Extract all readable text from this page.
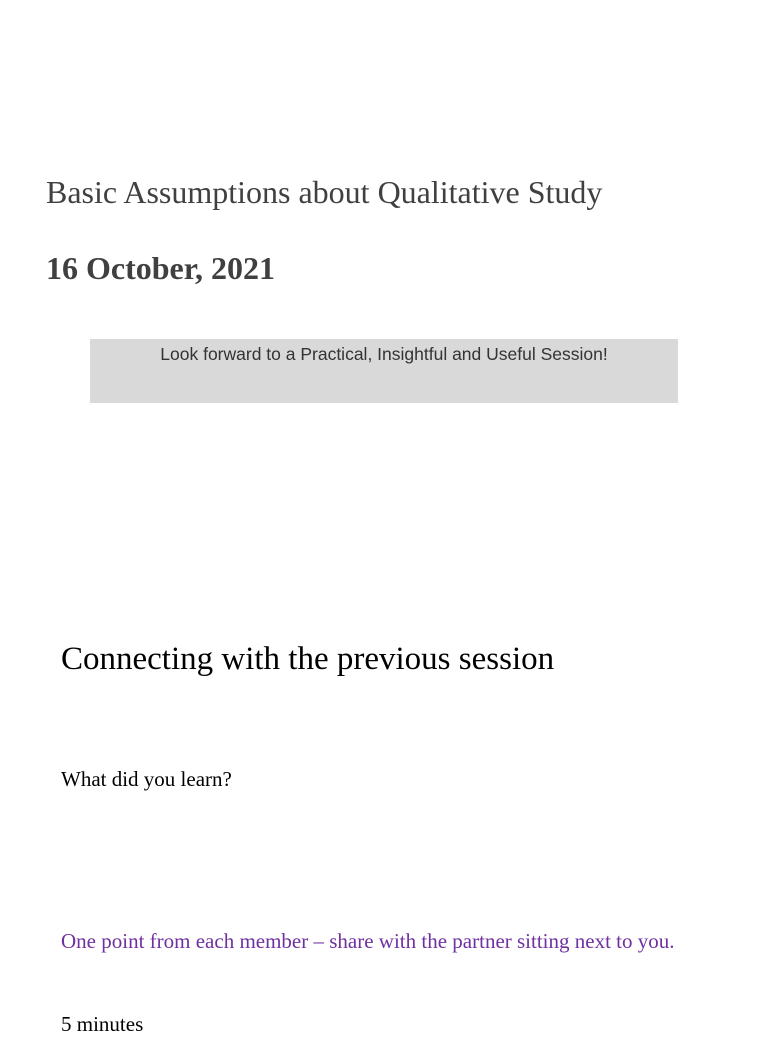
Basic Assumptions about Qualitative Study
16 October, 2021
Look forward to a Practical, Insightful and Useful Session!
Connecting with the previous session

What did you learn?

One point from each member – share with the partner sitting next to you.

5 minutes
